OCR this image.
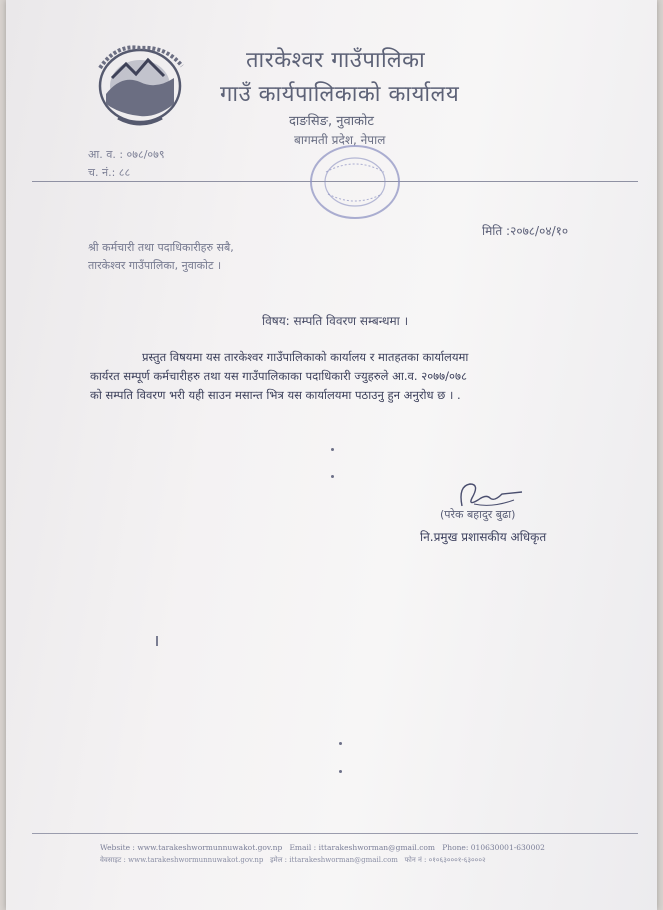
तारकेश्वर गाउँपालिका
गाउँ कार्यपालिकाको कार्यालय
दाङसिङ, नुवाकोट
बागमती प्रदेश, नेपाल
आ. व. : ०७८/०७९
च. नं.: ८८
मिति :२०७८/०४/१०
श्री कर्मचारी तथा पदाधिकारीहरु सबै,
तारकेश्वर गाउँपालिका, नुवाकोट ।
विषय: सम्पति विवरण सम्बन्धमा ।
प्रस्तुत विषयमा यस तारकेश्वर गाउँपालिकाको कार्यालय र मातहतका कार्यालयमा
कार्यरत सम्पूर्ण कर्मचारीहरु तथा यस गाउँपालिकाका पदाधिकारी ज्युहरुले आ.व. २०७७/०७८
को सम्पति विवरण भरी यही साउन मसान्त भित्र यस कार्यालयमा पठाउनु हुन अनुरोध छ । .
(परेक बहादुर बुढा)
नि.प्रमुख प्रशासकीय अधिकृत
Website : www.tarakeshwormunnuwakot.gov.np Email : ittarakeshworman@gmail.com Phone: 010630001-630002
वेवसाइट : www.tarakeshwormunnuwakot.gov.np इमेल : ittarakeshworman@gmail.com फोन नं : ०१०६३०००१-६३०००२
